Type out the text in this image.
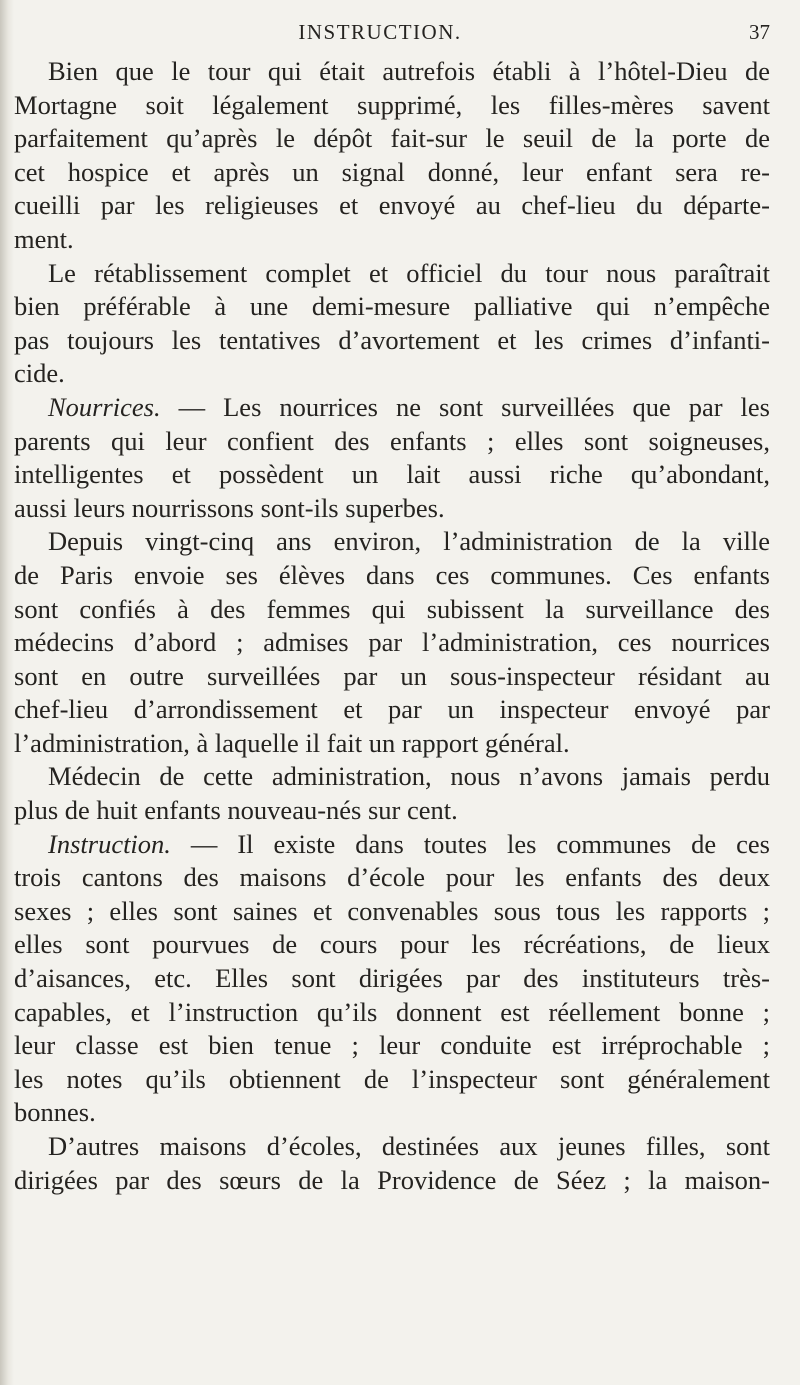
INSTRUCTION.	37
Bien que le tour qui était autrefois établi à l’hôtel-Dieu de
Mortagne soit légalement supprimé, les filles-mères savent
parfaitement qu’après le dépôt fait-sur le seuil de la porte de
cet hospice et après un signal donné, leur enfant sera re-
cueilli par les religieuses et envoyé au chef-lieu du départe-
ment.
Le rétablissement complet et officiel du tour nous paraîtrait
bien préférable à une demi-mesure palliative qui n’empêche
pas toujours les tentatives d’avortement et les crimes d’infanti-
cide.
Nourrices. — Les nourrices ne sont surveillées que par les
parents qui leur confient des enfants ; elles sont soigneuses,
intelligentes et possèdent un lait aussi riche qu’abondant,
aussi leurs nourrissons sont-ils superbes.
Depuis vingt-cinq ans environ, l’administration de la ville
de Paris envoie ses élèves dans ces communes. Ces enfants
sont confiés à des femmes qui subissent la surveillance des
médecins d’abord ; admises par l’administration, ces nourrices
sont en outre surveillées par un sous-inspecteur résidant au
chef-lieu d’arrondissement et par un inspecteur envoyé par
l’administration, à laquelle il fait un rapport général.
Médecin de cette administration, nous n’avons jamais perdu
plus de huit enfants nouveau-nés sur cent.
Instruction. — Il existe dans toutes les communes de ces
trois cantons des maisons d’école pour les enfants des deux
sexes ; elles sont saines et convenables sous tous les rapports ;
elles sont pourvues de cours pour les récréations, de lieux
d’aisances, etc. Elles sont dirigées par des instituteurs très-
capables, et l’instruction qu’ils donnent est réellement bonne ;
leur classe est bien tenue ; leur conduite est irréprochable ;
les notes qu’ils obtiennent de l’inspecteur sont généralement
bonnes.
D’autres maisons d’écoles, destinées aux jeunes filles, sont
dirigées par des sœurs de la Providence de Séez ; la maison-
